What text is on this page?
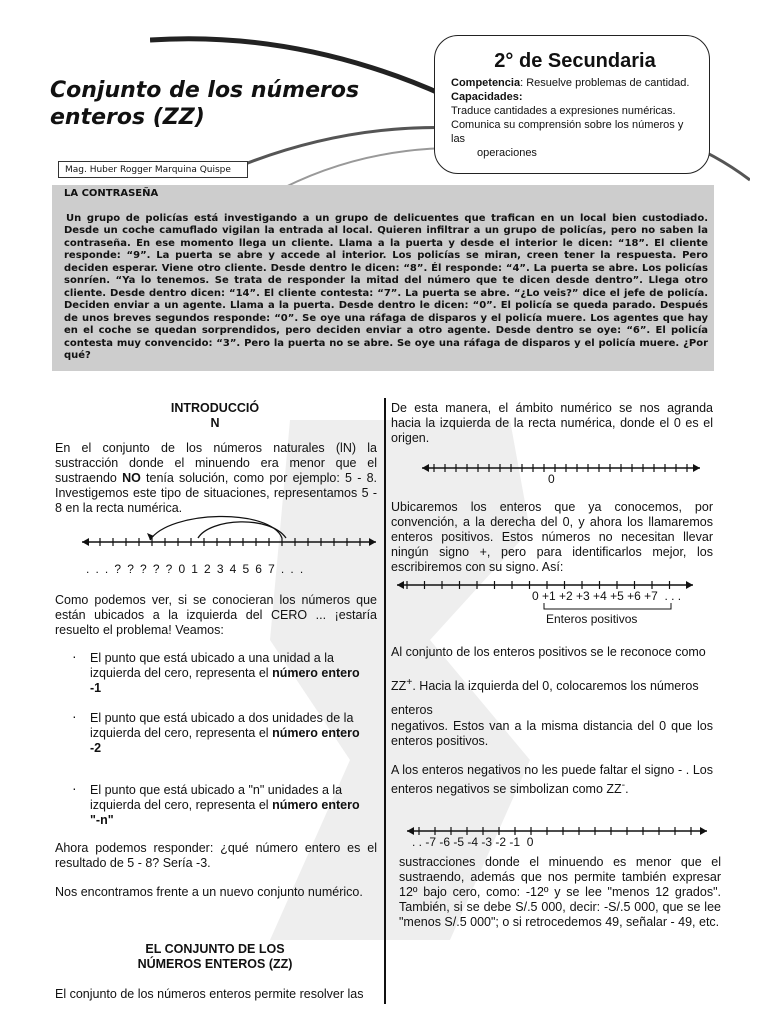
Conjunto de los números enteros (ZZ)
Mag. Huber Rogger Marquina Quispe
2° de Secundaria

Competencia: Resuelve problemas de cantidad.

Capacidades:

Traduce cantidades a expresiones numéricas.

Comunica su comprensión sobre los números y las

operaciones

LA CONTRASEÑA

Un grupo de policías está investigando a un grupo de delicuentes que trafican en un local bien custodiado. Desde un coche camuflado vigilan la entrada al local. Quieren infiltrar a un grupo de policías, pero no saben la contraseña. En ese momento llega un cliente. Llama a la puerta y desde el interior le dicen: “18”. El cliente responde: “9”. La puerta se abre y accede al interior. Los policías se miran, creen tener la respuesta. Pero deciden esperar. Viene otro cliente. Desde dentro le dicen: “8”. Él responde: “4”. La puerta se abre. Los policías sonríen. “Ya lo tenemos. Se trata de responder la mitad del número que te dicen desde dentro”. Llega otro cliente. Desde dentro dicen: “14”. El cliente contesta: “7”. La puerta se abre. “¿Lo veis?” dice el jefe de policía. Deciden enviar a un agente. Llama a la puerta. Desde dentro le dicen: “0”. El policía se queda parado. Después de unos breves segundos responde: “0”. Se oye una ráfaga de disparos y el policía muere. Los agentes que hay en el coche se quedan sorprendidos, pero deciden enviar a otro agente. Desde dentro se oye: “6”. El policía contesta muy convencido: “3”. Pero la puerta no se abre. Se oye una ráfaga de disparos y el policía muere. ¿Por qué?

INTRODUCCIÓ
N

En el conjunto de los números naturales (lN) la sustracción donde el minuendo era menor que el sustraendo NO tenía solución, como por ejemplo: 5 - 8. Investigemos este tipo de situaciones, representamos 5 - 8 en la recta numérica.

. . . ? ? ? ? ? 0 1 2 3 4 5 6 7 . . .

Como podemos ver, si se conocieran los números que están ubicados a la izquierda del CERO ... ¡estaría resuelto el problema! Veamos:

· El punto que está ubicado a una unidad a la izquierda del cero, representa el número entero
-1
· El punto que está ubicado a dos unidades de la izquierda del cero, representa el número entero
-2
· El punto que está ubicado a "n" unidades a la izquierda del cero, representa el número entero
"-n"

Ahora podemos responder: ¿qué número entero es el resultado de 5 - 8? Sería -3.

Nos encontramos frente a un nuevo conjunto numérico.

EL CONJUNTO DE LOS
NÚMEROS ENTEROS (ZZ)

El conjunto de los números enteros permite resolver las

De esta manera, el ámbito numérico se nos agranda hacia la izquierda de la recta numérica, donde el 0 es el origen.

0

Ubicaremos los enteros que ya conocemos, por convención, a la derecha del 0, y ahora los llamaremos enteros positivos. Estos números no necesitan llevar ningún signo +, pero para identificarlos mejor, los escribiremos con su signo. Así:

0 +1 +2 +3 +4 +5 +6 +7  . . .
Enteros positivos

Al conjunto de los enteros positivos se le reconoce como

ZZ+. Hacia la izquierda del 0, colocaremos los números

enteros

negativos. Estos van a la misma distancia del 0 que los enteros positivos.

A los enteros negativos no les puede faltar el signo - . Los enteros negativos se simbolizan como ZZ-.

. . -7 -6 -5 -4 -3 -2 -1  0

sustracciones donde el minuendo es menor que el sustraendo, además que nos permite también expresar 12º bajo cero, como: -12º y se lee "menos 12 grados". También, si se debe S/.5 000, decir: -S/.5 000, que se lee "menos S/.5 000"; o si retrocedemos 49, señalar - 49, etc.
